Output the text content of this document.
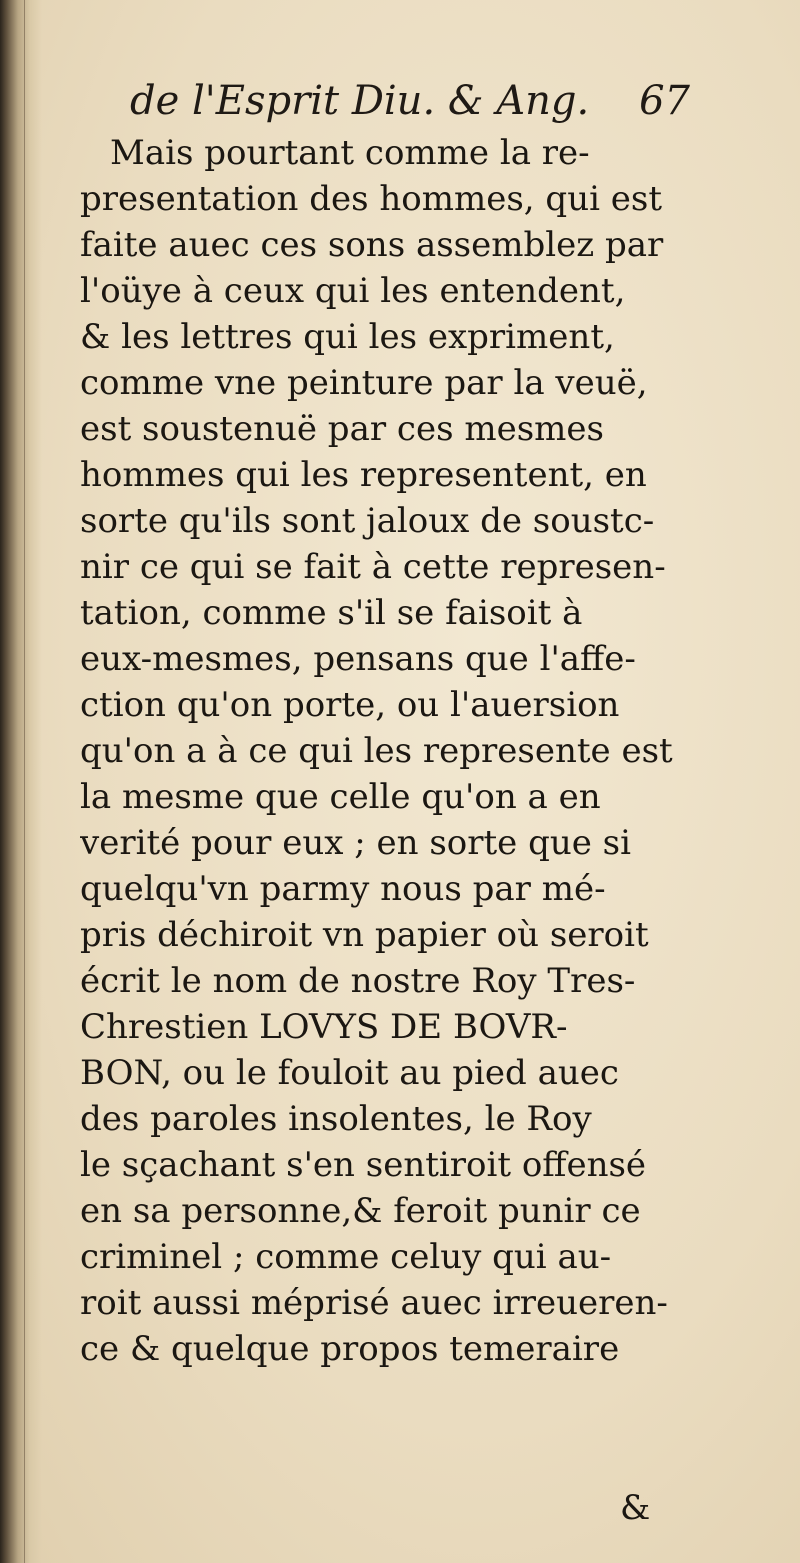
de l'Esprit Diu. & Ang. 67
Mais pourtant comme la re-
presentation des hommes, qui est
faite auec ces sons assemblez par
l'oüye à ceux qui les entendent,
& les lettres qui les expriment,
comme vne peinture par la veuë,
est soustenuë par ces mesmes
hommes qui les representent, en
sorte qu'ils sont jaloux de soustc-
nir ce qui se fait à cette represen-
tation, comme s'il se faisoit à
eux-mesmes, pensans que l'affe-
ction qu'on porte, ou l'auersion
qu'on a à ce qui les represente est
la mesme que celle qu'on a en
verité pour eux ; en sorte que si
quelqu'vn parmy nous par mé-
pris déchiroit vn papier où seroit
écrit le nom de nostre Roy Tres-
Chrestien LOVYS DE BOVR-
BON, ou le fouloit au pied auec
des paroles insolentes, le Roy
le sçachant s'en sentiroit offensé
en sa personne,& feroit punir ce
criminel ; comme celuy qui au-
roit aussi méprisé auec irreueren-
ce & quelque propos temeraire
&
